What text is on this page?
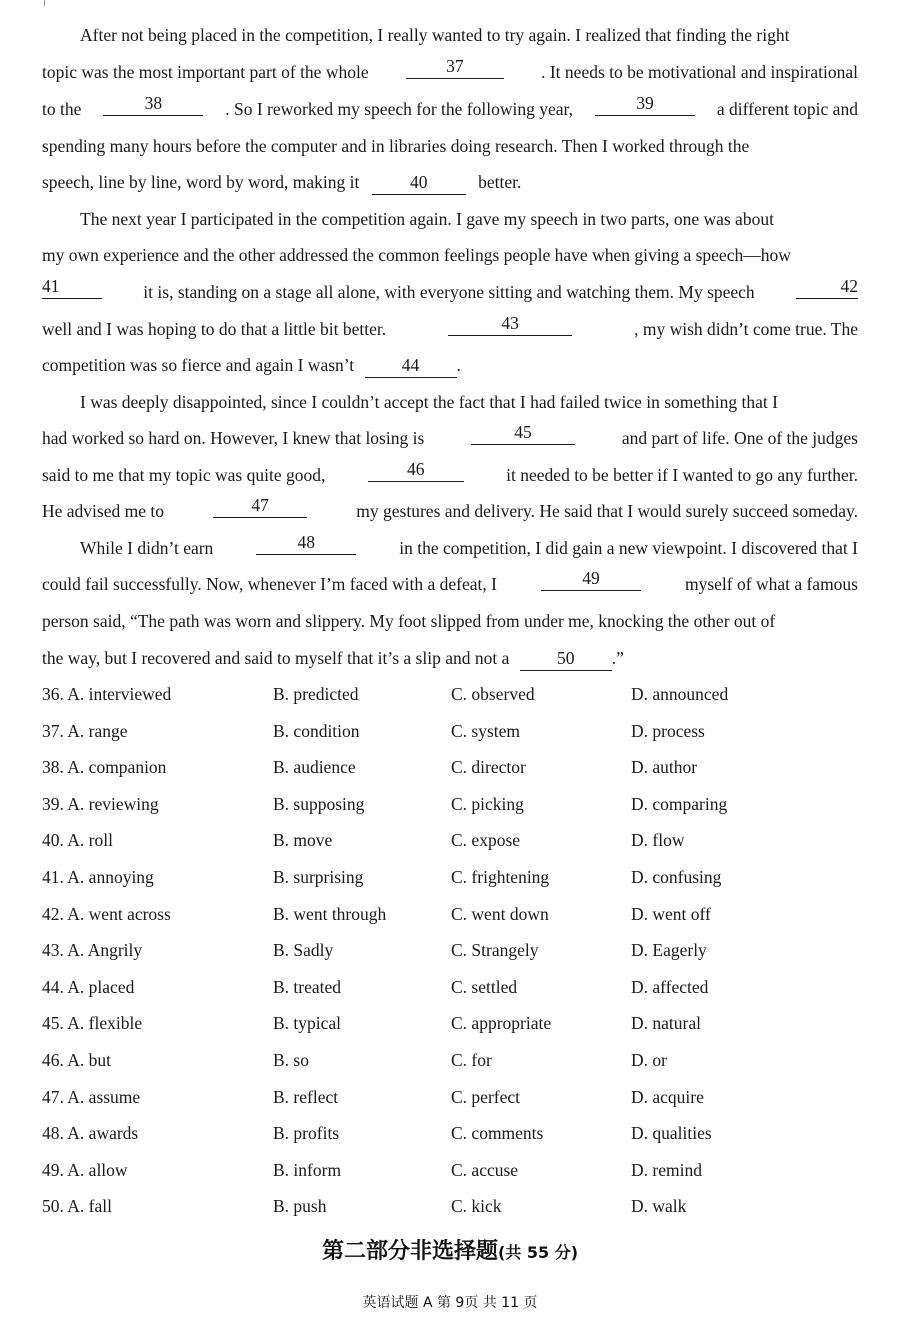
After not being placed in the competition, I really wanted to try again. I realized that finding the right
topic was the most important part of the whole	37	. It needs to be motivational and inspirational
to the	38	. So I reworked my speech for the following year,	39	a different topic and
spending many hours before the computer and in libraries doing research. Then I worked through the
speech, line by line, word by word, making it	40	better.
The next year I participated in the competition again. I gave my speech in two parts, one was about
my own experience and the other addressed the common feelings people have when giving a speech—how
41	it is, standing on a stage all alone, with everyone sitting and watching them. My speech	42
well and I was hoping to do that a little bit better.	43	, my wish didn’t come true. The
competition was so fierce and again I wasn’t	44 .
I was deeply disappointed, since I couldn’t accept the fact that I had failed twice in something that I
had worked so hard on. However, I knew that losing is	45	and part of life. One of the judges
said to me that my topic was quite good,	46	it needed to be better if I wanted to go any further.
He advised me to	47	my gestures and delivery. He said that I would surely succeed someday.
While I didn’t earn	48	in the competition, I did gain a new viewpoint. I discovered that I
could fail successfully. Now, whenever I’m faced with a defeat, I	49	myself of what a famous
person said, “The path was worn and slippery. My foot slipped from under me, knocking the other out of
the way, but I recovered and said to myself that it’s a slip and not a	50 .”
36. A. interviewed	B. predicted	C. observed	D. announced
37. A. range	B. condition	C. system	D. process
38. A. companion	B. audience	C. director	D. author
39. A. reviewing	B. supposing	C. picking	D. comparing
40. A. roll	B. move	C. expose	D. flow
41. A. annoying	B. surprising	C. frightening	D. confusing
42. A. went across	B. went through	C. went down	D. went off
43. A. Angrily	B. Sadly	C. Strangely	D. Eagerly
44. A. placed	B. treated	C. settled	D. affected
45. A. flexible	B. typical	C. appropriate	D. natural
46. A. but	B. so	C. for	D. or
47. A. assume	B. reflect	C. perfect	D. acquire
48. A. awards	B. profits	C. comments	D. qualities
49. A. allow	B. inform	C. accuse	D. remind
50. A. fall	B. push	C. kick	D. walk
第二部分非选择题(共 55 分)
英语试题 A 第 9页 共 11 页
